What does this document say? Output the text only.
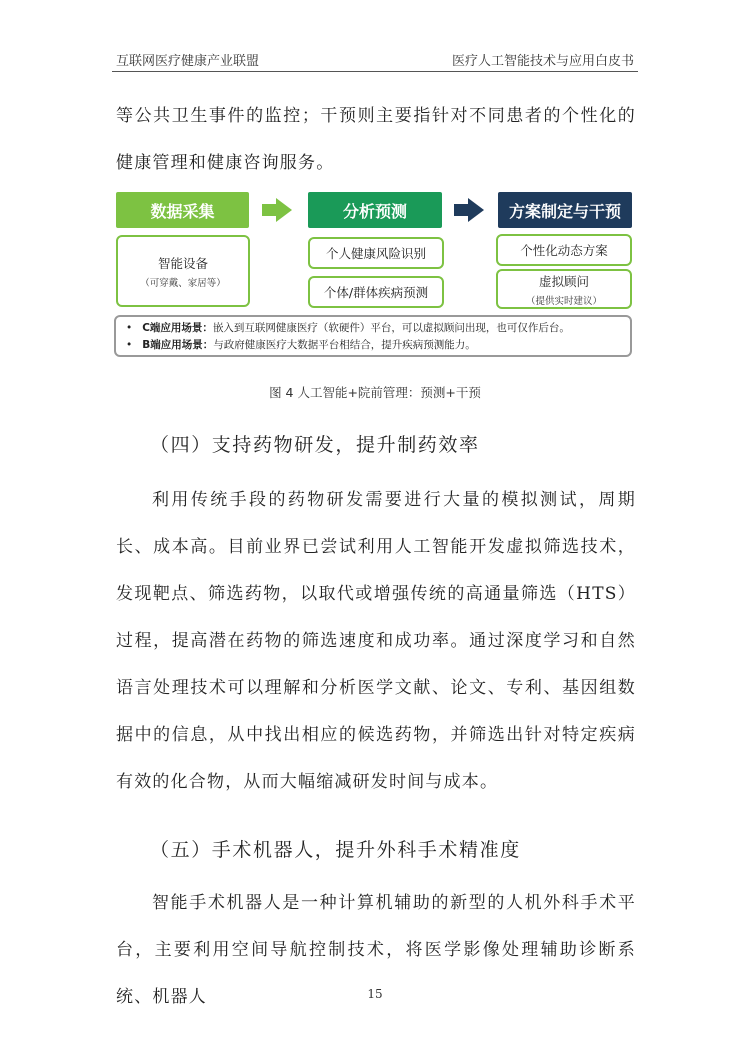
互联网医疗健康产业联盟	医疗人工智能技术与应用白皮书

等公共卫生事件的监控；干预则主要指针对不同患者的个性化的健康管理和健康咨询服务。

数据采集	分析预测	方案制定与干预
智能设备
（可穿戴、家居等）
个人健康风险识别
个体/群体疾病预测
个性化动态方案
虚拟顾问
（提供实时建议）
• C端应用场景：嵌入到互联网健康医疗（软硬件）平台，可以虚拟顾问出现，也可仅作后台。
• B端应用场景：与政府健康医疗大数据平台相结合，提升疾病预测能力。
图 4 人工智能+院前管理：预测+干预
（四）支持药物研发，提升制药效率

利用传统手段的药物研发需要进行大量的模拟测试，周期长、成本高。目前业界已尝试利用人工智能开发虚拟筛选技术，发现靶点、筛选药物，以取代或增强传统的高通量筛选（HTS）过程，提高潜在药物的筛选速度和成功率。通过深度学习和自然语言处理技术可以理解和分析医学文献、论文、专利、基因组数据中的信息，从中找出相应的候选药物，并筛选出针对特定疾病有效的化合物，从而大幅缩减研发时间与成本。

（五）手术机器人，提升外科手术精准度

智能手术机器人是一种计算机辅助的新型的人机外科手术平台，主要利用空间导航控制技术，将医学影像处理辅助诊断系统、机器人	15
